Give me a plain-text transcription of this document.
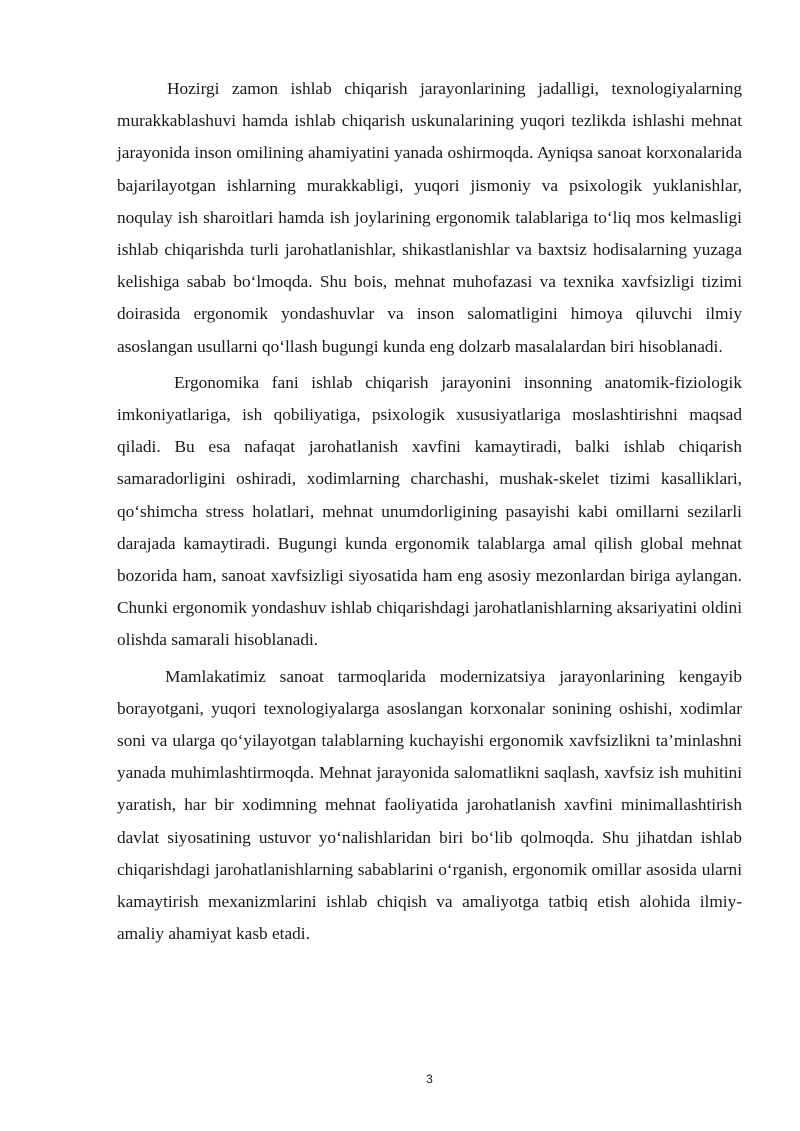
Hozirgi zamon ishlab chiqarish jarayonlarining jadalligi, texnologiyalarning murakkablashuvi hamda ishlab chiqarish uskunalarining yuqori tezlikda ishlashi mehnat jarayonida inson omilining ahamiyatini yanada oshirmoqda. Ayniqsa sanoat korxonalarida bajarilayotgan ishlarning murakkabligi, yuqori jismoniy va psixologik yuklanishlar, noqulay ish sharoitlari hamda ish joylarining ergonomik talablariga to‘liq mos kelmasligi ishlab chiqarishda turli jarohatlanishlar, shikastlanishlar va baxtsiz hodisalarning yuzaga kelishiga sabab bo‘lmoqda. Shu bois, mehnat muhofazasi va texnika xavfsizligi tizimi doirasida ergonomik yondashuvlar va inson salomatligini himoya qiluvchi ilmiy asoslangan usullarni qo‘llash bugungi kunda eng dolzarb masalalardan biri hisoblanadi.

Ergonomika fani ishlab chiqarish jarayonini insonning anatomik-fiziologik imkoniyatlariga, ish qobiliyatiga, psixologik xususiyatlariga moslashtirishni maqsad qiladi. Bu esa nafaqat jarohatlanish xavfini kamaytiradi, balki ishlab chiqarish samaradorligini oshiradi, xodimlarning charchashi, mushak-skelet tizimi kasalliklari, qo‘shimcha stress holatlari, mehnat unumdorligining pasayishi kabi omillarni sezilarli darajada kamaytiradi. Bugungi kunda ergonomik talablarga amal qilish global mehnat bozorida ham, sanoat xavfsizligi siyosatida ham eng asosiy mezonlardan biriga aylangan. Chunki ergonomik yondashuv ishlab chiqarishdagi jarohatlanishlarning aksariyatini oldini olishda samarali hisoblanadi.

Mamlakatimiz sanoat tarmoqlarida modernizatsiya jarayonlarining kengayib borayotgani, yuqori texnologiyalarga asoslangan korxonalar sonining oshishi, xodimlar soni va ularga qo‘yilayotgan talablarning kuchayishi ergonomik xavfsizlikni ta’minlashni yanada muhimlashtirmoqda. Mehnat jarayonida salomatlikni saqlash, xavfsiz ish muhitini yaratish, har bir xodimning mehnat faoliyatida jarohatlanish xavfini minimallashtirish davlat siyosatining ustuvor yo‘nalishlaridan biri bo‘lib qolmoqda. Shu jihatdan ishlab chiqarishdagi jarohatlanishlarning sabablarini o‘rganish, ergonomik omillar asosida ularni kamaytirish mexanizmlarini ishlab chiqish va amaliyotga tatbiq etish alohida ilmiy-amaliy ahamiyat kasb etadi.

3
